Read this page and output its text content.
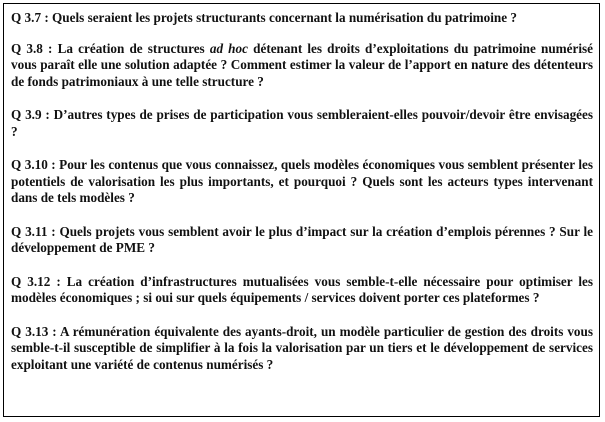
Q 3.7 : Quels seraient les projets structurants concernant la numérisation du patrimoine ?

Q 3.8 : La création de structures ad hoc détenant les droits d’exploitations du patrimoine numérisé vous paraît elle une solution adaptée ? Comment estimer la valeur de l’apport en nature des détenteurs de fonds patrimoniaux à une telle structure ?

Q 3.9 : D’autres types de prises de participation vous sembleraient-elles pouvoir/devoir être envisagées ?

Q 3.10 : Pour les contenus que vous connaissez, quels modèles économiques vous semblent présenter les potentiels de valorisation les plus importants, et pourquoi ? Quels sont les acteurs types intervenant dans de tels modèles ?

Q 3.11 : Quels projets vous semblent avoir le plus d’impact sur la création d’emplois pérennes ? Sur le développement de PME ?

Q 3.12 : La création d’infrastructures mutualisées vous semble-t-elle nécessaire pour optimiser les modèles économiques ; si oui sur quels équipements / services doivent porter ces plateformes ?

Q 3.13 : A rémunération équivalente des ayants-droit, un modèle particulier de gestion des droits vous semble-t-il susceptible de simplifier à la fois la valorisation par un tiers et le développement de services exploitant une variété de contenus numérisés ?
